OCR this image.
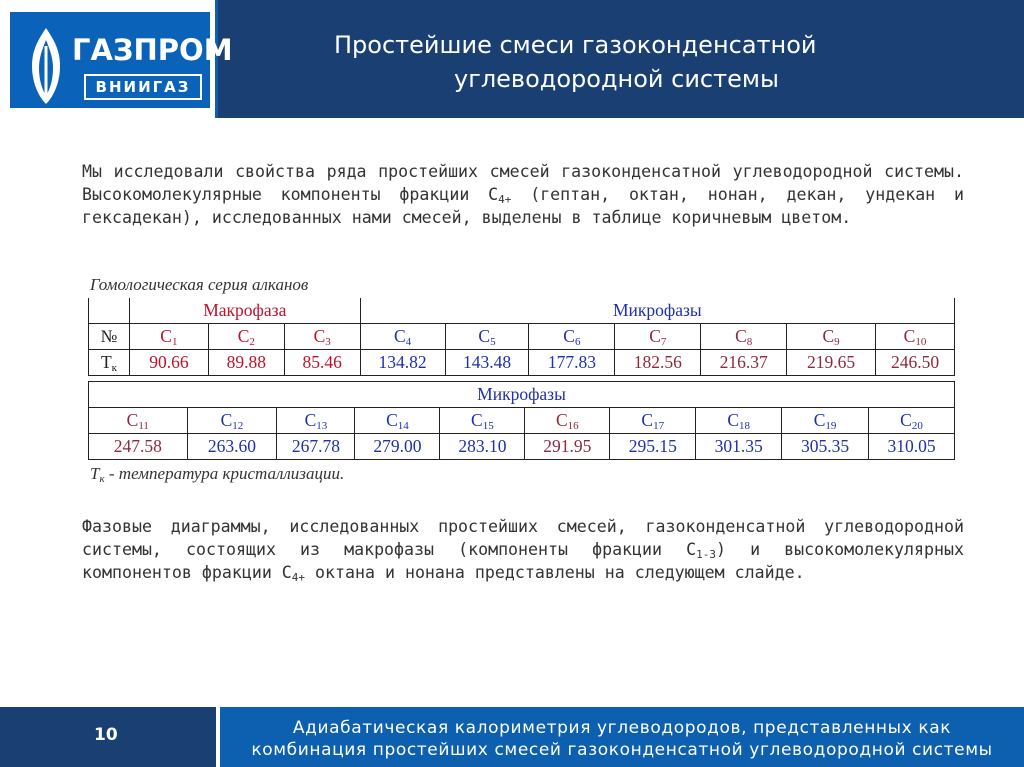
ГАЗПРОМ
ВНИИГАЗ
Простейшие смеси газоконденсатной
углеводородной системы
Мы исследовали свойства ряда простейших смесей газоконденсатной углеводородной системы. Высокомолекулярные компоненты фракции $С_{4+}$ (гептан, октан, нонан, декан, ундекан и гексадекан), исследованных нами смесей, выделены в таблице коричневым цветом.
Гомологическая серия алканов
	Макрофаза			Микрофазы						
№	$C_1$	$C_2$	$C_3$	$C_4$	$C_5$	$C_6$	$C_7$	$C_8$	$C_9$	$C_{10}$
$Т_к$	90.66	89.88	85.46	134.82	143.48	177.83	182.56	216.37	219.65	246.50
Микрофазы									
$C_{11}$	$C_{12}$	$C_{13}$	$C_{14}$	$C_{15}$	$C_{16}$	$C_{17}$	$C_{18}$	$C_{19}$	$C_{20}$
247.58	263.60	267.78	279.00	283.10	291.95	295.15	301.35	305.35	310.05
$Т_к$ - температура кристаллизации.
Фазовые диаграммы, исследованных простейших смесей, газоконденсатной углеводородной системы, состоящих из макрофазы (компоненты фракции $С_{1-3}$) и высокомолекулярных компонентов фракции $С_{4+}$ октана и нонана представлены на следующем слайде.
10	Адиабатическая калориметрия углеводородов, представленных как
комбинация простейших смесей газоконденсатной углеводородной системы
